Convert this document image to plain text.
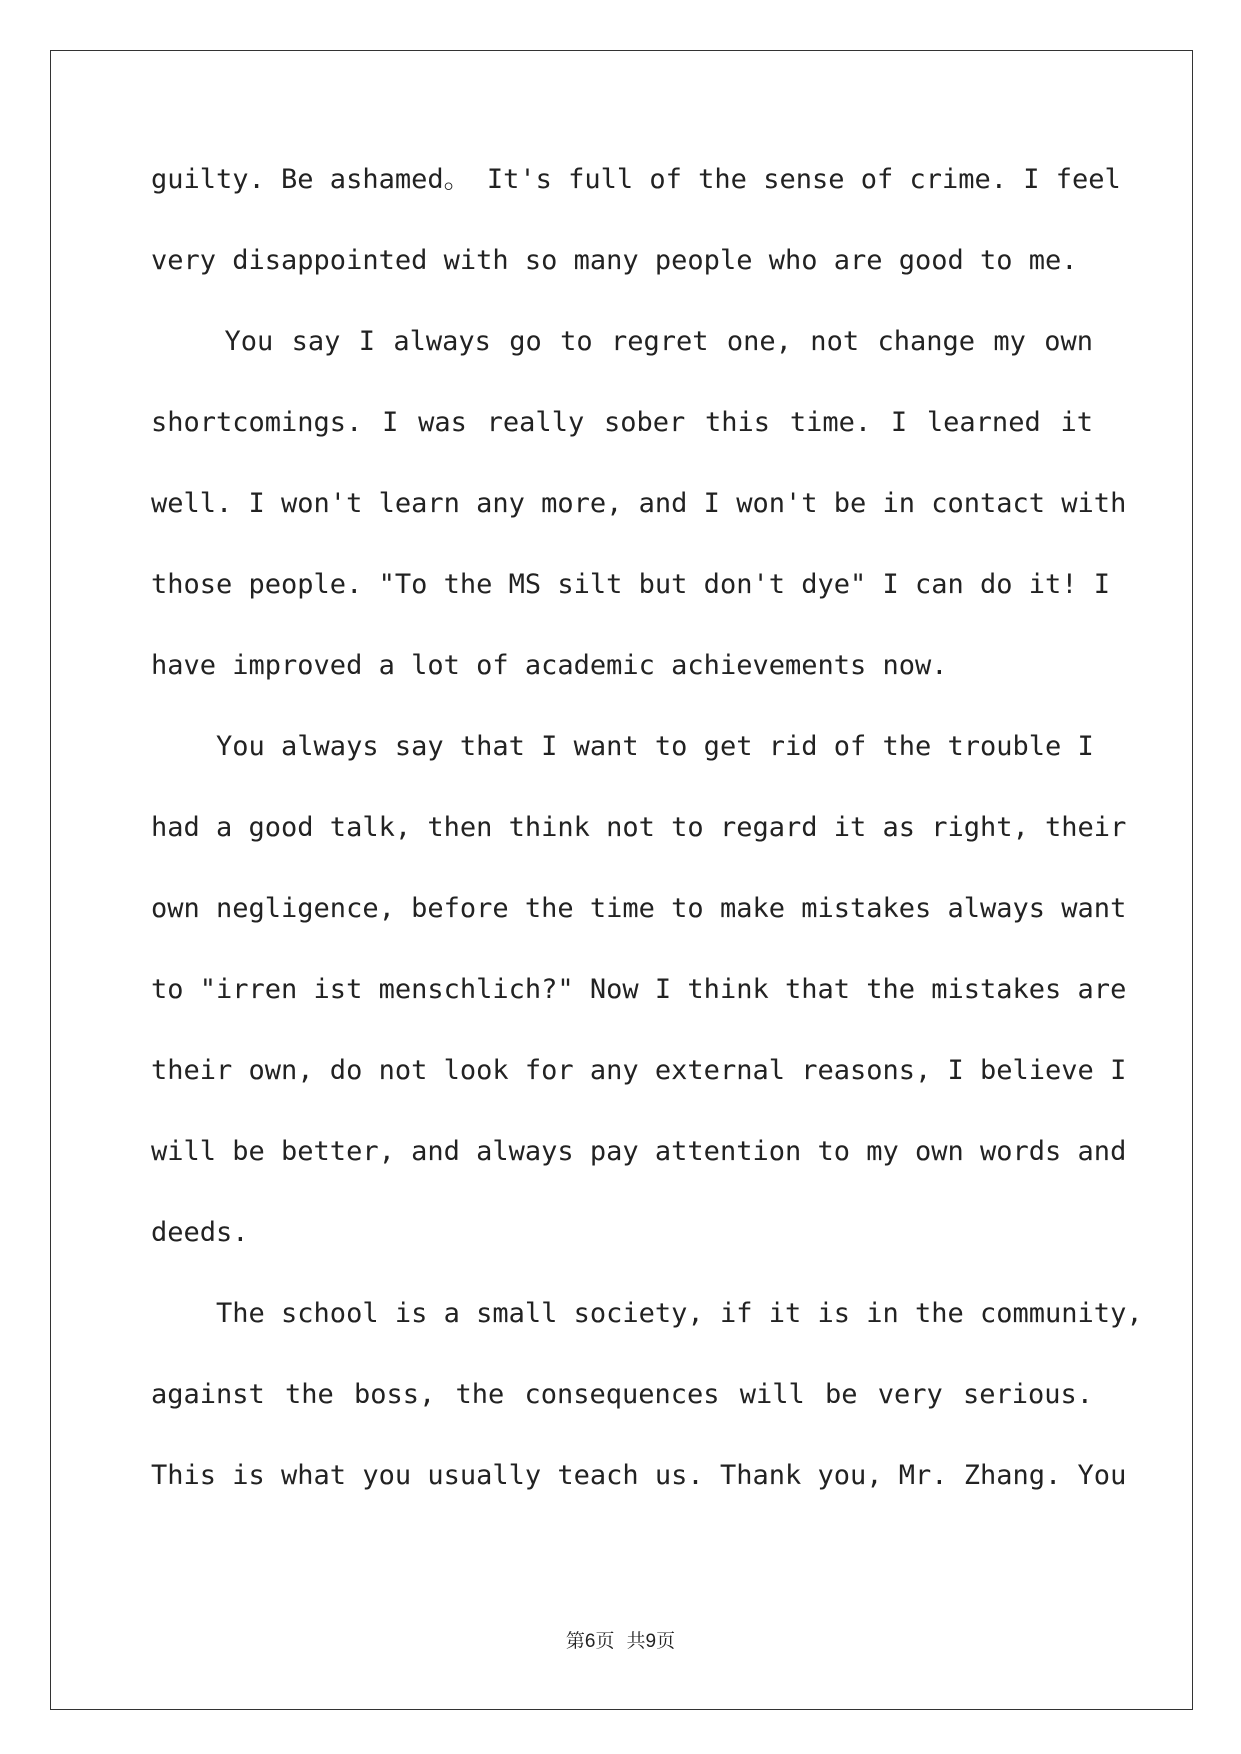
guilty. Be ashamed。 It's full of the sense of crime. I feel
very disappointed with so many people who are good to me.
You say I always go to regret one, not change my own
shortcomings. I was really sober this time. I learned it
well. I won't learn any more, and I won't be in contact with
those people. "To the MS silt but don't dye" I can do it! I
have improved a lot of academic achievements now.
You always say that I want to get rid of the trouble I
had a good talk, then think not to regard it as right, their
own negligence, before the time to make mistakes always want
to "irren ist menschlich?" Now I think that the mistakes are
their own, do not look for any external reasons, I believe I
will be better, and always pay attention to my own words and
deeds.
The school is a small society, if it is in the community,
against the boss, the consequences will be very serious.
This is what you usually teach us. Thank you, Mr. Zhang. You
第6页  共9页
